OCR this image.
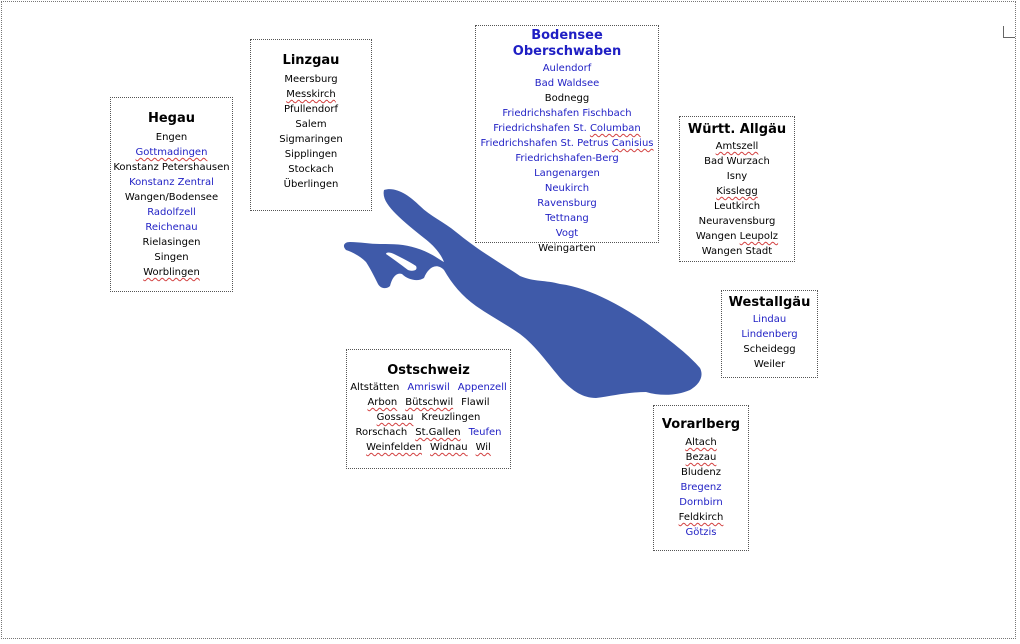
Hegau
Engen
Gottmadingen
Konstanz Petershausen
Konstanz Zentral
Wangen/Bodensee
Radolfzell
Reichenau
Rielasingen
Singen
Worblingen
Linzgau
Meersburg
Messkirch
Pfullendorf
Salem
Sigmaringen
Sipplingen
Stockach
Überlingen
Bodensee Oberschwaben
Aulendorf
Bad Waldsee
Bodnegg
Friedrichshafen Fischbach
Friedrichshafen St. Columban
Friedrichshafen St. Petrus Canisius
Friedrichshafen-Berg
Langenargen
Neukirch
Ravensburg
Tettnang
Vogt
Weingarten
Württ. Allgäu
Amtszell
Bad Wurzach
Isny
Kisslegg
Leutkirch
Neuravensburg
Wangen Leupolz
Wangen Stadt
Westallgäu
Lindau
Lindenberg
Scheidegg
Weiler
Ostschweiz
Altstätten Amriswil Appenzell
Arbon Bütschwil Flawil
Gossau Kreuzlingen
Rorschach St.Gallen Teufen
Weinfelden Widnau Wil
Vorarlberg
Altach
Bezau
Bludenz
Bregenz
Dornbirn
Feldkirch
Götzis
